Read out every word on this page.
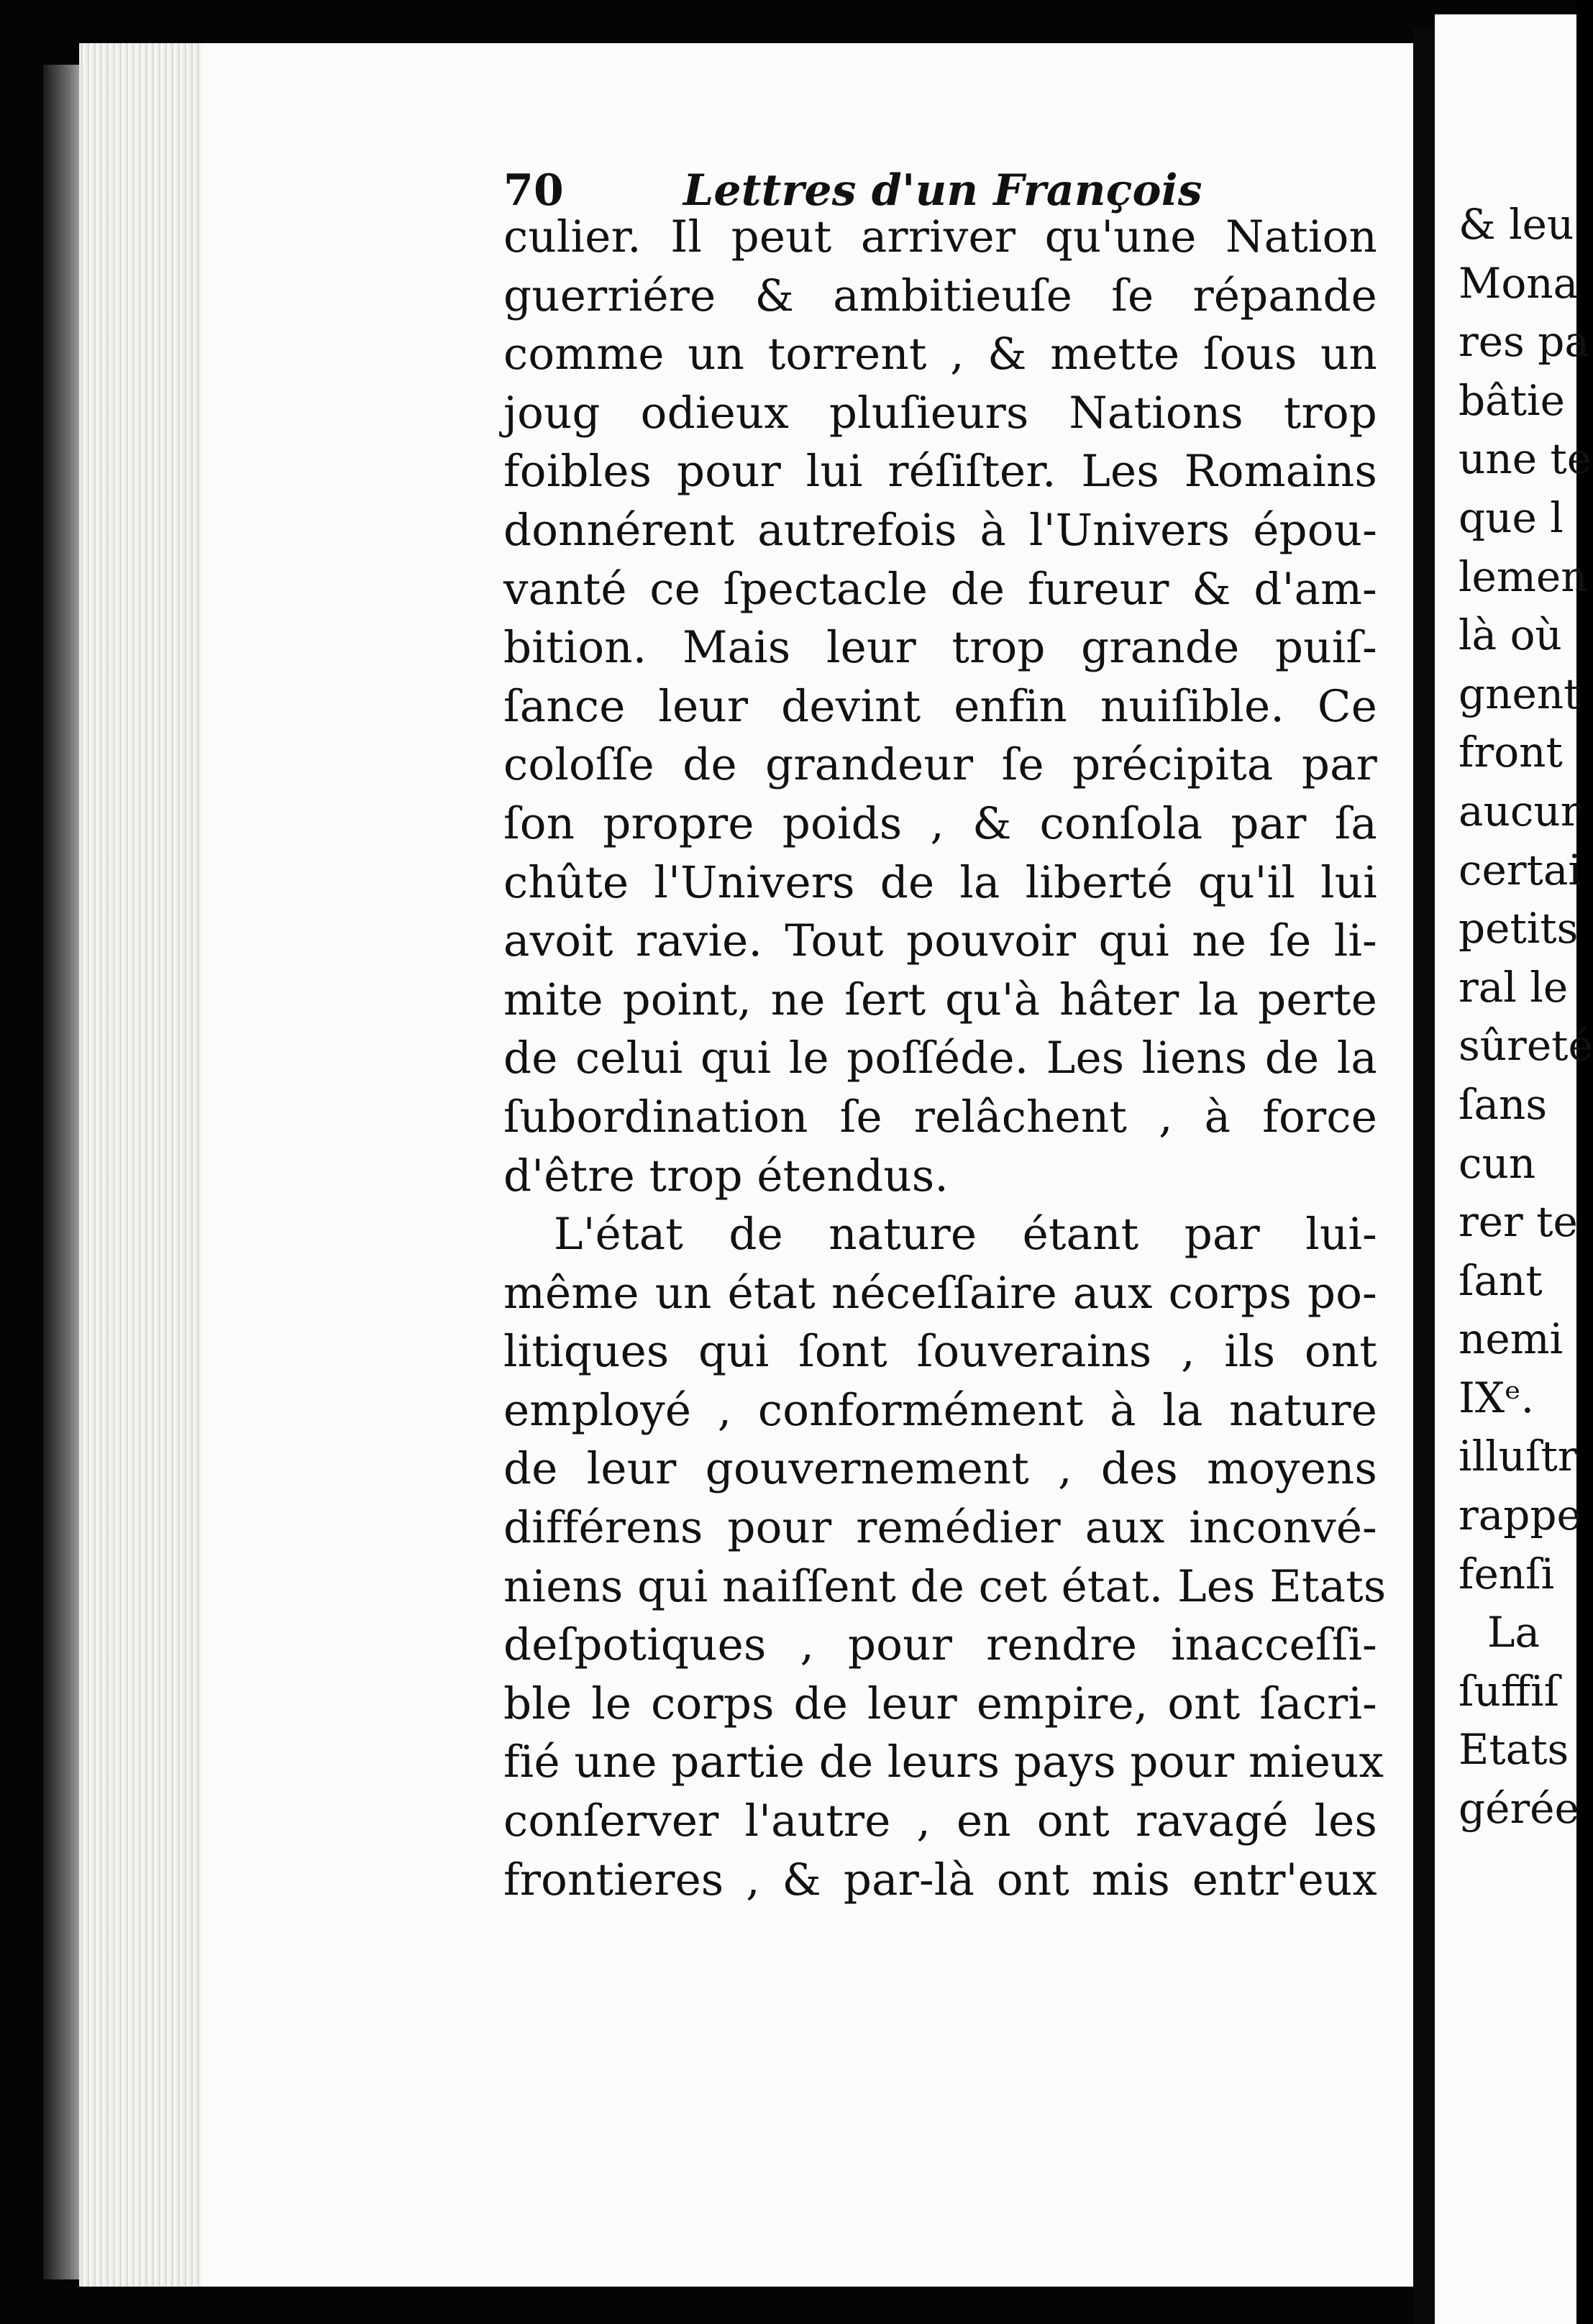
70	Lettres d'un François
culier. Il peut arriver qu'une Nation
guerriére & ambitieuſe ſe répande
comme un torrent , & mette ſous un
joug odieux pluſieurs Nations trop
foibles pour lui réſiſter. Les Romains
donnérent autrefois à l'Univers épou-
vanté ce ſpectacle de fureur & d'am-
bition. Mais leur trop grande puiſ-
ſance leur devint enfin nuiſible. Ce
coloſſe de grandeur ſe précipita par
ſon propre poids , & conſola par ſa
chûte l'Univers de la liberté qu'il lui
avoit ravie. Tout pouvoir qui ne ſe li-
mite point, ne ſert qu'à hâter la perte
de celui qui le poſſéde. Les liens de la
ſubordination ſe relâchent , à force
d'être trop étendus.
L'état de nature étant par lui-
même un état néceſſaire aux corps po-
litiques qui ſont ſouverains , ils ont
employé , conformément à la nature
de leur gouvernement , des moyens
différens pour remédier aux inconvé-
niens qui naiſſent de cet état. Les Etats
deſpotiques , pour rendre inacceſſi-
ble le corps de leur empire, ont ſacri-
fié une partie de leurs pays pour mieux
conſerver l'autre , en ont ravagé les
frontieres , & par-là ont mis entr'eux
& leu
Mona
res pa
bâtie
une te
que l
lemen
là où
gnent
front
aucur
certai
petits
ral le
sûreté
ſans
cun
rer te
ſant
nemi
IXᵉ.
illuſtr
rappe
fenſi
La
ſuffiſ
Etats
gérée
